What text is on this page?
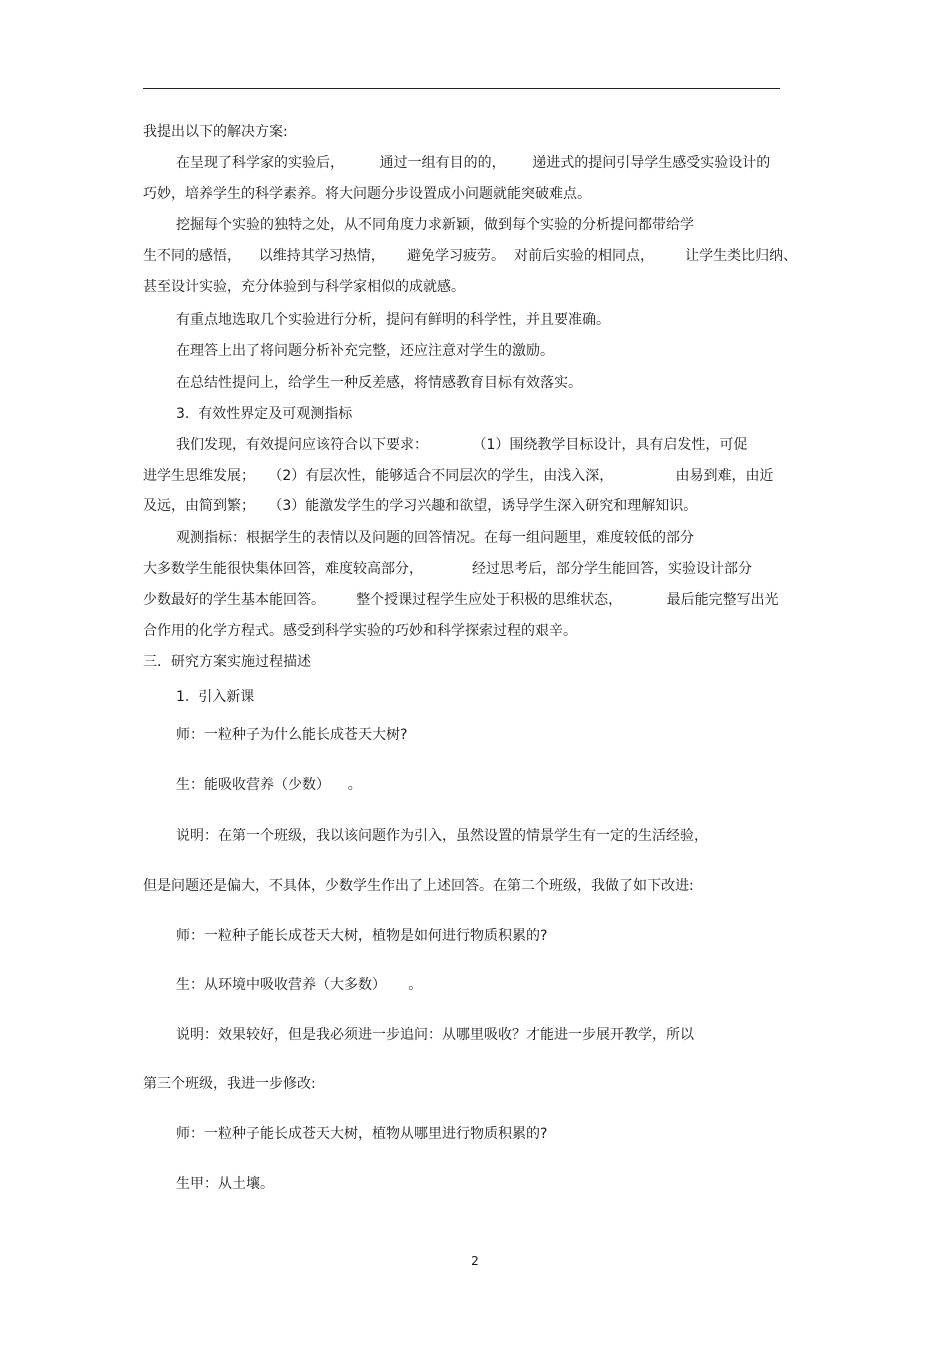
我提出以下的解决方案:
在呈现了科学家的实验后，        通过一组有目的的，      递进式的提问引导学生感受实验设计的
巧妙，培养学生的科学素养。将大问题分步设置成小问题就能突破难点。
挖掘每个实验的独特之处，从不同角度力求新颖，做到每个实验的分析提问都带给学
生不同的感悟，    以维持其学习热情，     避免学习疲劳。  对前后实验的相同点，       让学生类比归纳、
甚至设计实验，充分体验到与科学家相似的成就感。
有重点地选取几个实验进行分析，提问有鲜明的科学性，并且要准确。
在理答上出了将问题分析补充完整，还应注意对学生的激励。
在总结性提问上，给学生一种反差感，将情感教育目标有效落实。
3.  有效性界定及可观测指标
我们发现，有效提问应该符合以下要求：          （1）围绕教学目标设计，具有启发性，可促
进学生思维发展；   （2）有层次性，能够适合不同层次的学生，由浅入深，              由易到难，由近
及远，由简到繁；   （3）能激发学生的学习兴趣和欲望，诱导学生深入研究和理解知识。
观测指标：根据学生的表情以及问题的回答情况。在每一组问题里，难度较低的部分
大多数学生能很快集体回答，难度较高部分，           经过思考后，部分学生能回答，实验设计部分
少数最好的学生基本能回答。       整个授课过程学生应处于积极的思维状态，          最后能完整写出光
合作用的化学方程式。感受到科学实验的巧妙和科学探索过程的艰辛。
三．研究方案实施过程描述
1.  引入新课
师：一粒种子为什么能长成苍天大树?
生：能吸收营养（少数）    。
说明：在第一个班级，我以该问题作为引入，虽然设置的情景学生有一定的生活经验，
但是问题还是偏大，不具体，少数学生作出了上述回答。在第二个班级，我做了如下改进:
师：一粒种子能长成苍天大树，植物是如何进行物质积累的?
生：从环境中吸收营养（大多数）     。
说明：效果较好，但是我必须进一步追问：从哪里吸收？才能进一步展开教学，所以
第三个班级，我进一步修改:
师：一粒种子能长成苍天大树，植物从哪里进行物质积累的?
生甲：从土壤。
2
